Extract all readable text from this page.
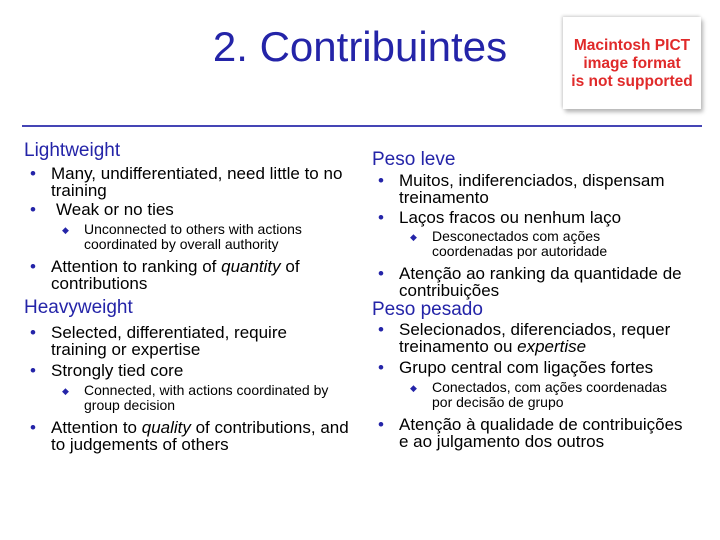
2. Contribuintes	Macintosh PICT
image format
is not supported
Lightweight
• Many, undifferentiated, need little to no training
• Weak or no ties
◆ Unconnected to others with actions coordinated by overall authority
• Attention to ranking of quantity of contributions
Heavyweight
• Selected, differentiated, require training or expertise
• Strongly tied core
◆ Connected, with actions coordinated by group decision
• Attention to quality of contributions, and to judgements of others
Peso leve
• Muitos, indiferenciados, dispensam treinamento
• Laços fracos ou nenhum laço
◆ Desconectados com ações coordenadas por autoridade
• Atenção ao ranking da quantidade de contribuições
Peso pesado
• Selecionados, diferenciados, requer treinamento ou expertise
• Grupo central com ligações fortes
◆ Conectados, com ações coordenadas por decisão de grupo
• Atenção à qualidade de contribuições e ao julgamento dos outros
